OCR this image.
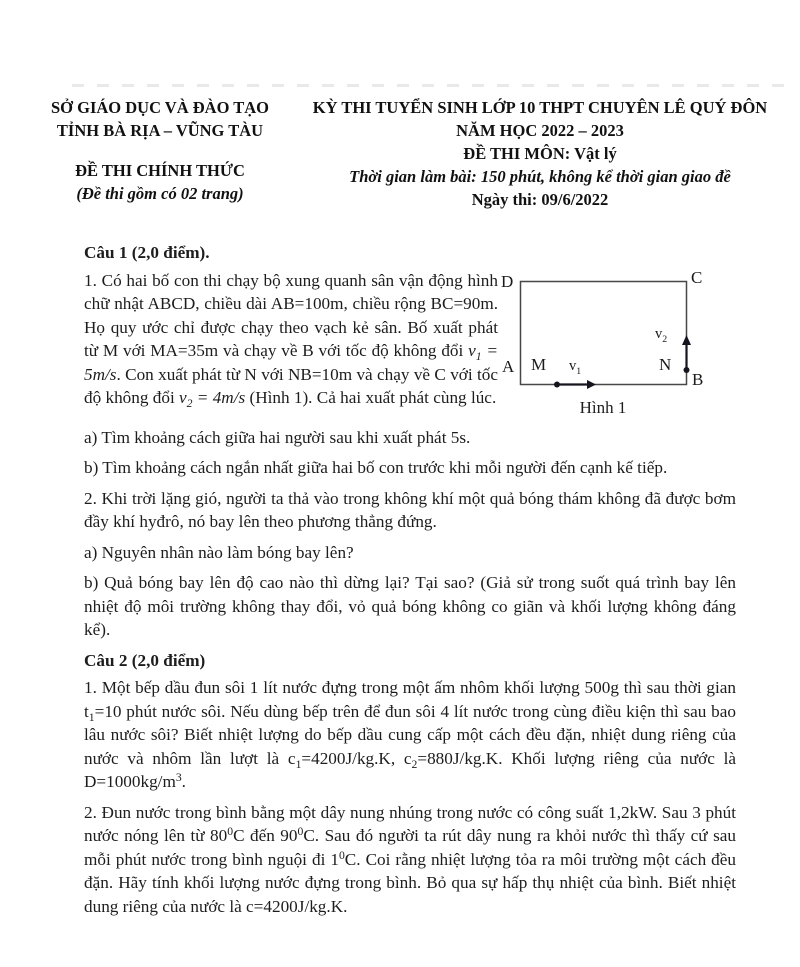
SỞ GIÁO DỤC VÀ ĐÀO TẠO
TỈNH BÀ RỊA – VŨNG TÀU
ĐỀ THI CHÍNH THỨC
(Đề thi gồm có 02 trang)
KỲ THI TUYỂN SINH LỚP 10 THPT CHUYÊN LÊ QUÝ ĐÔN
NĂM HỌC 2022 – 2023
ĐỀ THI MÔN: Vật lý
Thời gian làm bài: 150 phút, không kể thời gian giao đề
Ngày thi: 09/6/2022
Câu 1 (2,0 điểm).

1. Có hai bố con thi chạy bộ xung quanh sân vận động hình chữ nhật ABCD, chiều dài AB=100m, chiều rộng BC=90m. Họ quy ước chỉ được chạy theo vạch kẻ sân. Bố xuất phát từ M với MA=35m và chạy về B với tốc độ không đổi $v_1 = 5m/s$. Con xuất phát từ N với NB=10m và chạy về C với tốc độ không đổi $v_2 = 4m/s$ (Hình 1). Cả hai xuất phát cùng lúc.

D	C
A
B
M	N
$v_1$
$v_2$
Hình 1

a) Tìm khoảng cách giữa hai người sau khi xuất phát 5s.

b) Tìm khoảng cách ngắn nhất giữa hai bố con trước khi mỗi người đến cạnh kế tiếp.

2. Khi trời lặng gió, người ta thả vào trong không khí một quả bóng thám không đã được bơm đầy khí hyđrô, nó bay lên theo phương thẳng đứng.

a) Nguyên nhân nào làm bóng bay lên?

b) Quả bóng bay lên độ cao nào thì dừng lại? Tại sao? (Giả sử trong suốt quá trình bay lên nhiệt độ môi trường không thay đổi, vỏ quả bóng không co giãn và khối lượng không đáng kể).

Câu 2 (2,0 điểm)

1. Một bếp dầu đun sôi 1 lít nước đựng trong một ấm nhôm khối lượng 500g thì sau thời gian $t_1=10$ phút nước sôi. Nếu dùng bếp trên để đun sôi 4 lít nước trong cùng điều kiện thì sau bao lâu nước sôi? Biết nhiệt lượng do bếp dầu cung cấp một cách đều đặn, nhiệt dung riêng của nước và nhôm lần lượt là $c_1=4200J/kg.K$, $c_2=880J/kg.K$. Khối lượng riêng của nước là $D=1000kg/m^3$.

2. Đun nước trong bình bằng một dây nung nhúng trong nước có công suất 1,2kW. Sau 3 phút nước nóng lên từ $80^0C$ đến $90^0C$. Sau đó người ta rút dây nung ra khỏi nước thì thấy cứ sau mỗi phút nước trong bình nguội đi $1^0C$. Coi rằng nhiệt lượng tỏa ra môi trường một cách đều đặn. Hãy tính khối lượng nước đựng trong bình. Bỏ qua sự hấp thụ nhiệt của bình. Biết nhiệt dung riêng của nước là c=4200J/kg.K.
